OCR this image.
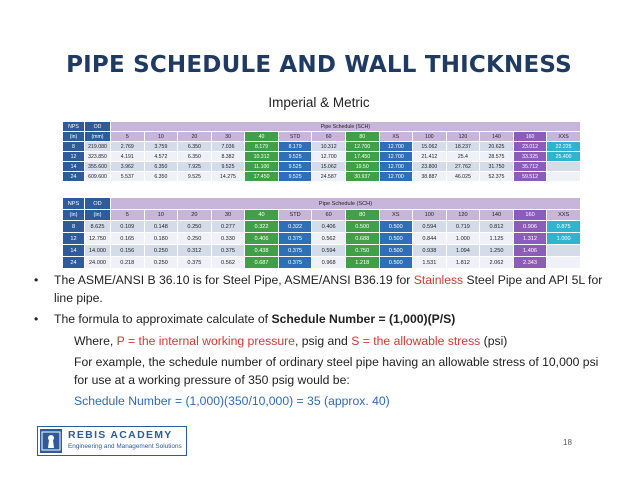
PIPE SCHEDULE AND WALL THICKNESS
Imperial & Metric
NPS	OD	Pipe Schedule (SCH)													
(in)	(mm)	5	10	20	30	40	STD	60	80	XS	100	120	140	160	XXS
8	219.080	2.769	3.759	6.350	7.036	8.179	8.179	10.312	12.700	12.700	15.062	18.237	20.625	23.012	22.225
12	323.850	4.191	4.572	6.350	8.382	10.312	9.525	12.700	17.450	12.700	21.412	25.4	28.575	33.325	25.400
14	355.600	3.962	6.350	7.925	9.525	11.100	9.525	15.062	19.50	12.700	23.800	27.762	31.750	35.712	
24	609.600	5.537	6.350	9.525	14.275	17.450	9.525	24.587	30.937	12.700	38.887	46.025	52.375	59.512	
NPS	OD	Pipe Schedule (SCH)													
(in)	(in)	5	10	20	30	40	STD	60	80	XS	100	120	140	160	XXS
8	8.625	0.109	0.148	0.250	0.277	0.322	0.322	0.406	0.500	0.500	0.594	0.719	0.812	0.906	0.875
12	12.750	0.165	0.180	0.250	0.330	0.406	0.375	0.562	0.688	0.500	0.844	1.000	1.125	1.312	1.000
14	14.000	0.156	0.250	0.312	0.375	0.438	0.375	0.594	0.750	0.500	0.938	1.094	1.250	1.406	
24	24.000	0.218	0.250	0.375	0.562	0.687	0.375	0.968	1.218	0.500	1.531	1.812	2.062	2.343	
• The ASME/ANSI B 36.10 is for Steel Pipe, ASME/ANSI B36.19 for Stainless Steel Pipe and API 5L for line pipe.
• The formula to approximate calculate of Schedule Number = (1,000)(P/S)
Where, P = the internal working pressure, psig and S = the allowable stress (psi)
For example, the schedule number of ordinary steel pipe having an allowable stress of 10,000 psi for use at a working pressure of 350 psig would be:
Schedule Number = (1,000)(350/10,000) = 35 (approx. 40)
REBIS ACADEMY
Engineering and Management Solutions	18
